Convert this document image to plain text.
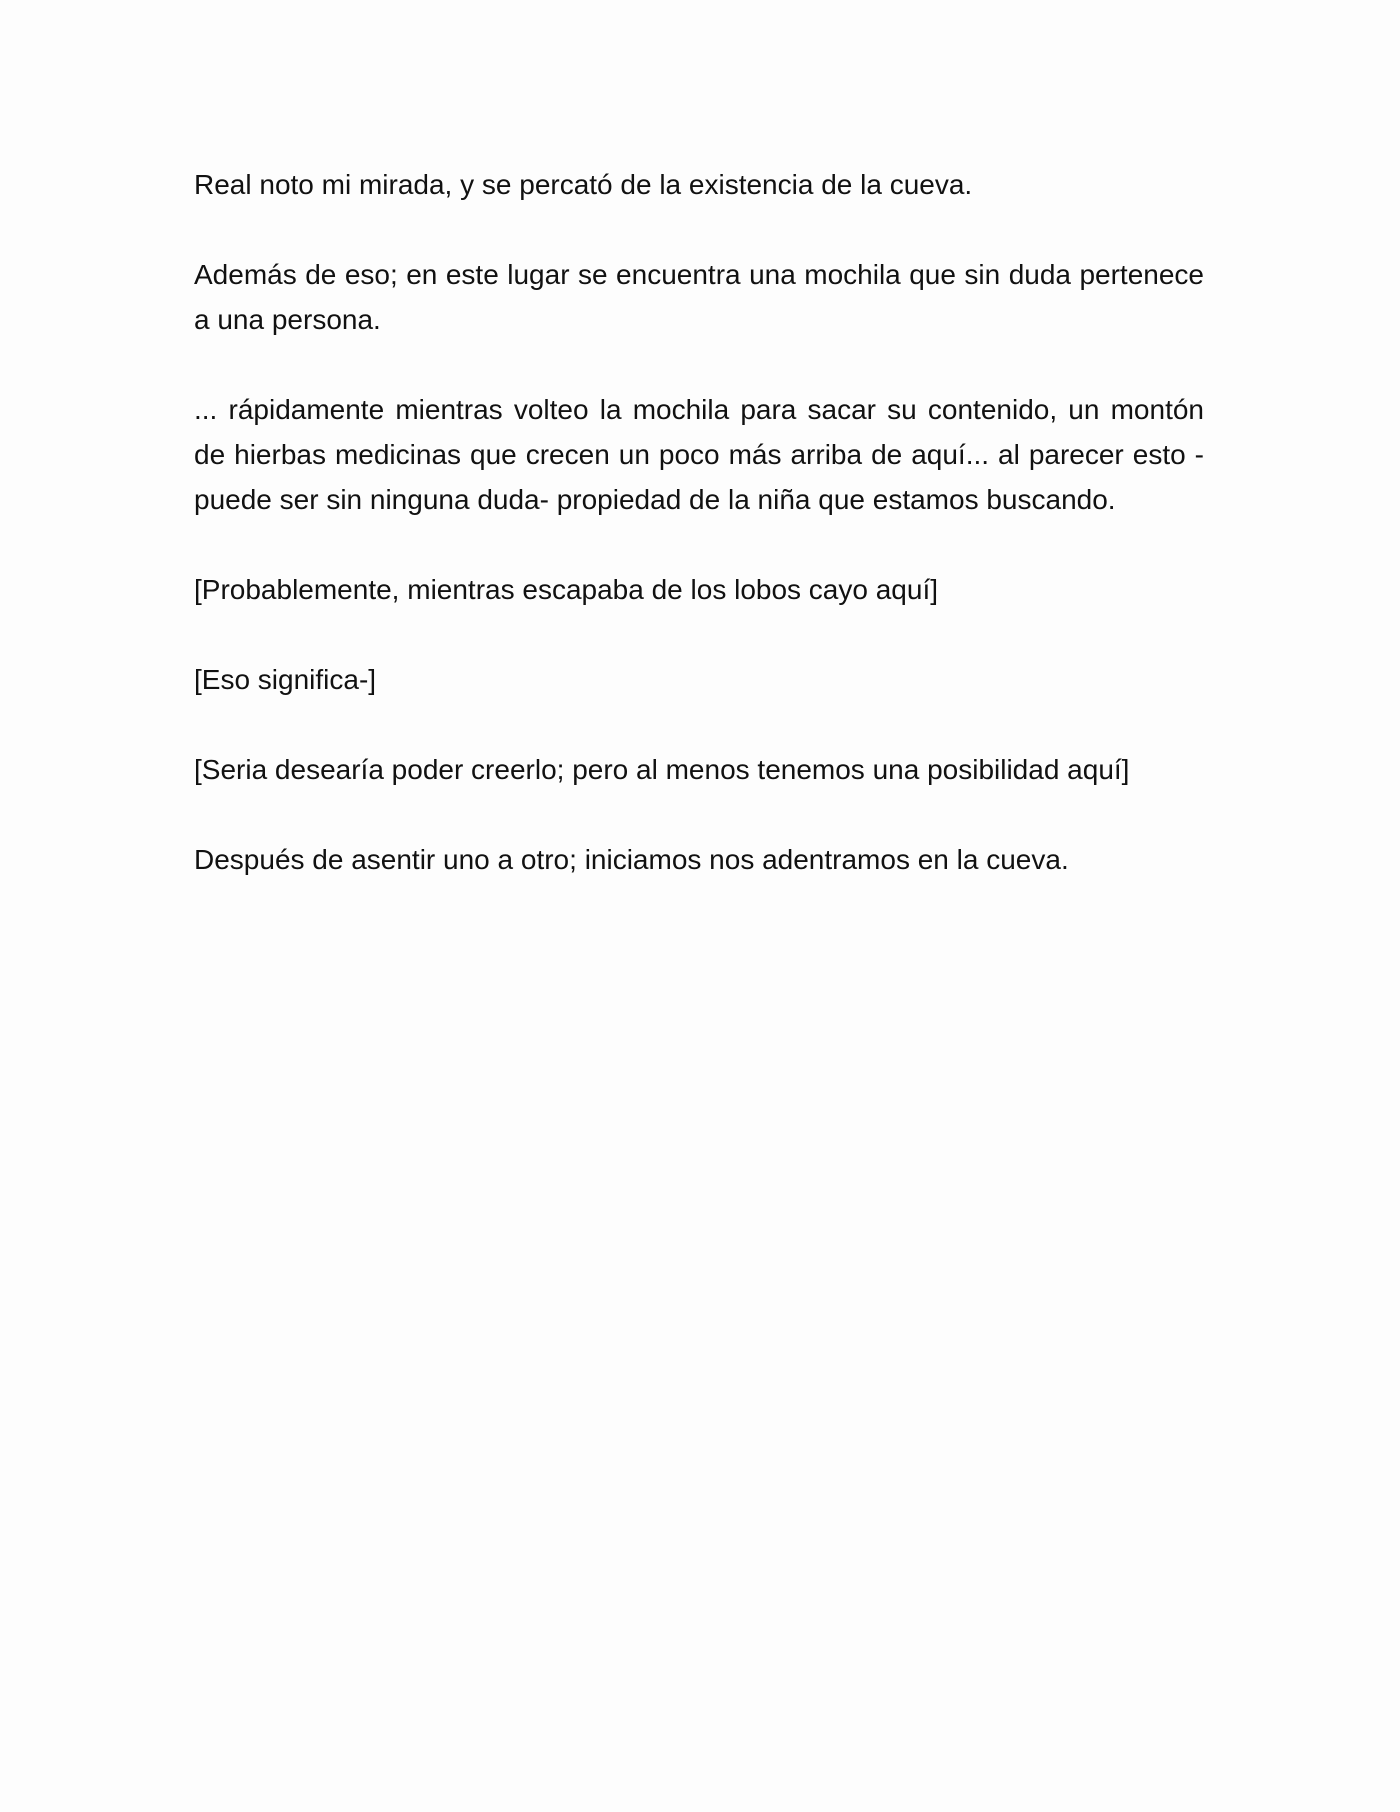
Real noto mi mirada, y se percató de la existencia de la cueva.

Además de eso; en este lugar se encuentra una mochila que sin duda pertenece a una persona.

... rápidamente mientras volteo la mochila para sacar su contenido, un montón de hierbas medicinas que crecen un poco más arriba de aquí... al parecer esto -puede ser sin ninguna duda- propiedad de la niña que estamos buscando.

[Probablemente, mientras escapaba de los lobos cayo aquí]

[Eso significa-]

[Seria desearía poder creerlo; pero al menos tenemos una posibilidad aquí]

Después de asentir uno a otro; iniciamos nos adentramos en la cueva.
